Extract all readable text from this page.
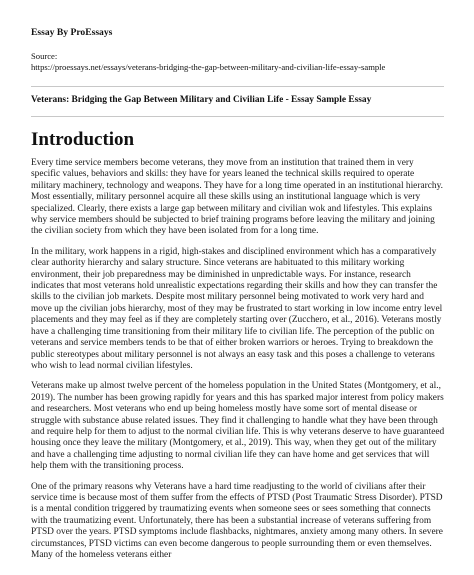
Essay By ProEssays

Source:
https://proessays.net/essays/veterans-bridging-the-gap-between-military-and-civilian-life-essay-sample

Veterans: Bridging the Gap Between Military and Civilian Life - Essay Sample Essay

Introduction

Every time service members become veterans, they move from an institution that trained them in very specific values, behaviors and skills: they have for years leaned the technical skills required to operate military machinery, technology and weapons. They have for a long time operated in an institutional hierarchy. Most essentially, military personnel acquire all these skills using an institutional language which is very specialized. Clearly, there exists a large gap between military and civilian wok and lifestyles. This explains why service members should be subjected to brief training programs before leaving the military and joining the civilian society from which they have been isolated from for a long time.

In the military, work happens in a rigid, high-stakes and disciplined environment which has a comparatively clear authority hierarchy and salary structure. Since veterans are habituated to this military working environment, their job preparedness may be diminished in unpredictable ways. For instance, research indicates that most veterans hold unrealistic expectations regarding their skills and how they can transfer the skills to the civilian job markets. Despite most military personnel being motivated to work very hard and move up the civilian jobs hierarchy, most of they may be frustrated to start working in low income entry level placements and they may feel as if they are completely starting over (Zucchero, et al., 2016). Veterans mostly have a challenging time transitioning from their military life to civilian life. The perception of the public on veterans and service members tends to be that of either broken warriors or heroes. Trying to breakdown the public stereotypes about military personnel is not always an easy task and this poses a challenge to veterans who wish to lead normal civilian lifestyles.

Veterans make up almost twelve percent of the homeless population in the United States (Montgomery, et al., 2019). The number has been growing rapidly for years and this has sparked major interest from policy makers and researchers. Most veterans who end up being homeless mostly have some sort of mental disease or struggle with substance abuse related issues. They find it challenging to handle what they have been through and require help for them to adjust to the normal civilian life. This is why veterans deserve to have guaranteed housing once they leave the military (Montgomery, et al., 2019). This way, when they get out of the military and have a challenging time adjusting to normal civilian life they can have home and get services that will help them with the transitioning process.

One of the primary reasons why Veterans have a hard time readjusting to the world of civilians after their service time is because most of them suffer from the effects of PTSD (Post Traumatic Stress Disorder). PTSD is a mental condition triggered by traumatizing events when someone sees or sees something that connects with the traumatizing event. Unfortunately, there has been a substantial increase of veterans suffering from PTSD over the years. PTSD symptoms include flashbacks, nightmares, anxiety among many others. In severe circumstances, PTSD victims can even become dangerous to people surrounding them or even themselves. Many of the homeless veterans either
